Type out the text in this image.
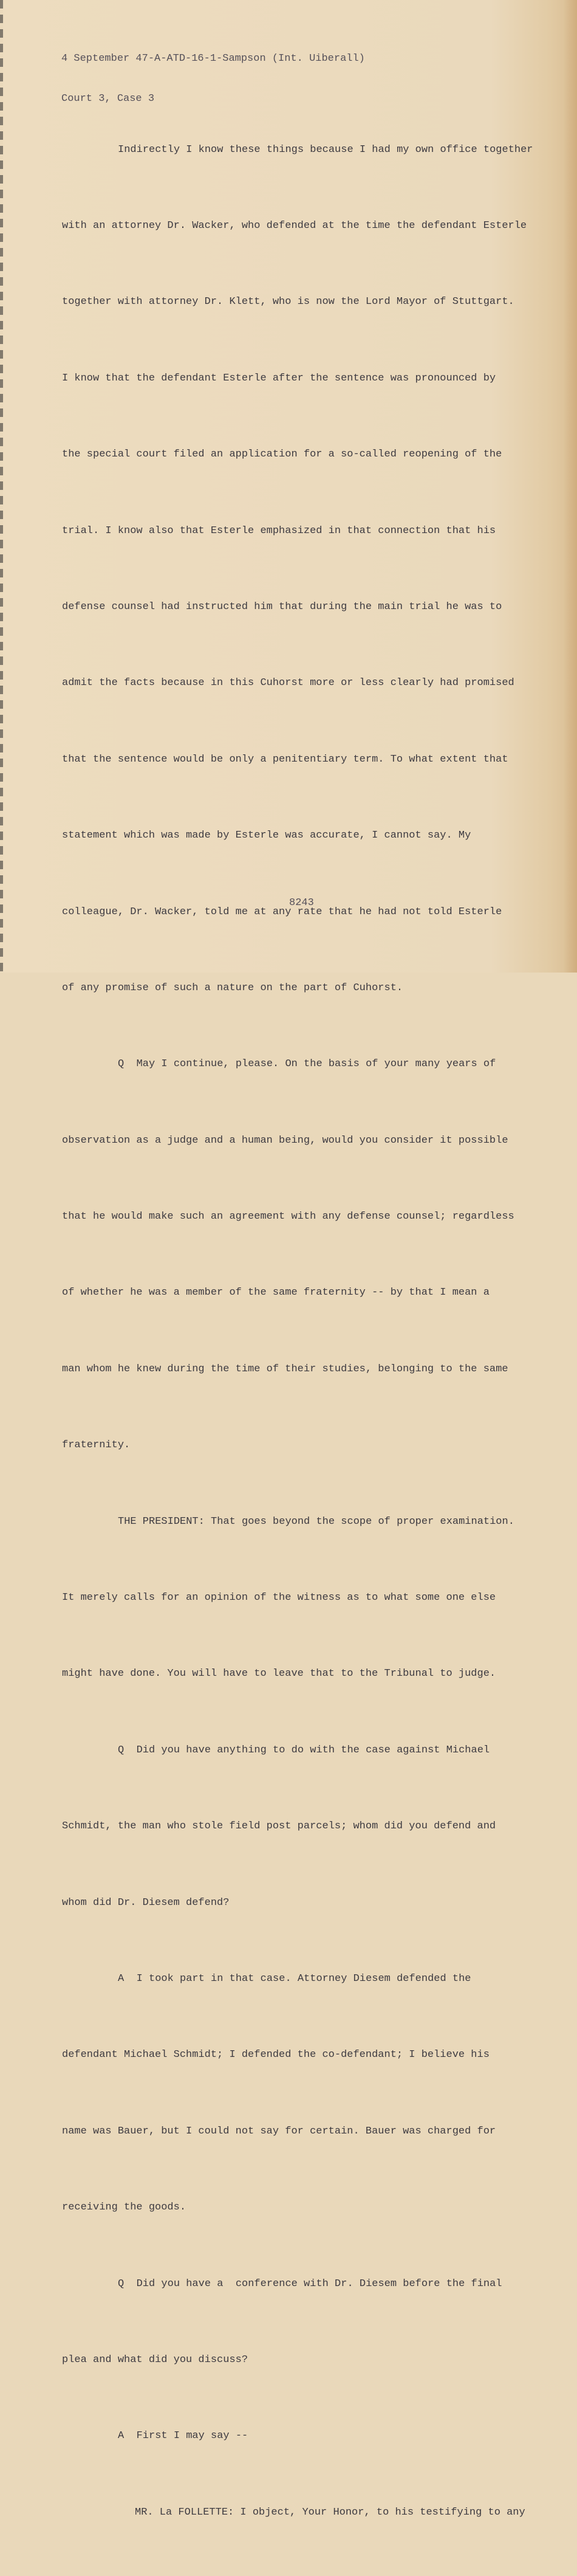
4 September 47-A-ATD-16-1-Sampson (Int. Uiberall)

Court 3, Case 3

Indirectly I know these things because I had my own office together

with an attorney Dr. Wacker, who defended at the time the defendant Esterle

together with attorney Dr. Klett, who is now the Lord Mayor of Stuttgart.

I know that the defendant Esterle after the sentence was pronounced by

the special court filed an application for a so-called reopening of the

trial. I know also that Esterle emphasized in that connection that his

defense counsel had instructed him that during the main trial he was to

admit the facts because in this Cuhorst more or less clearly had promised

that the sentence would be only a penitentiary term. To what extent that

statement which was made by Esterle was accurate, I cannot say. My

colleague, Dr. Wacker, told me at any rate that he had not told Esterle

of any promise of such a nature on the part of Cuhorst.

Q  May I continue, please. On the basis of your many years of

observation as a judge and a human being, would you consider it possible

that he would make such an agreement with any defense counsel; regardless

of whether he was a member of the same fraternity -- by that I mean a

man whom he knew during the time of their studies, belonging to the same

fraternity.

THE PRESIDENT: That goes beyond the scope of proper examination.

It merely calls for an opinion of the witness as to what some one else

might have done. You will have to leave that to the Tribunal to judge.

Q  Did you have anything to do with the case against Michael

Schmidt, the man who stole field post parcels; whom did you defend and

whom did Dr. Diesem defend?

A  I took part in that case. Attorney Diesem defended the

defendant Michael Schmidt; I defended the co-defendant; I believe his

name was Bauer, but I could not say for certain. Bauer was charged for

receiving the goods.

Q  Did you have a  conference with Dr. Diesem before the final

plea and what did you discuss?

A  First I may say --

MR. La FOLLETTE: I object, Your Honor, to his testifying to any

8243
